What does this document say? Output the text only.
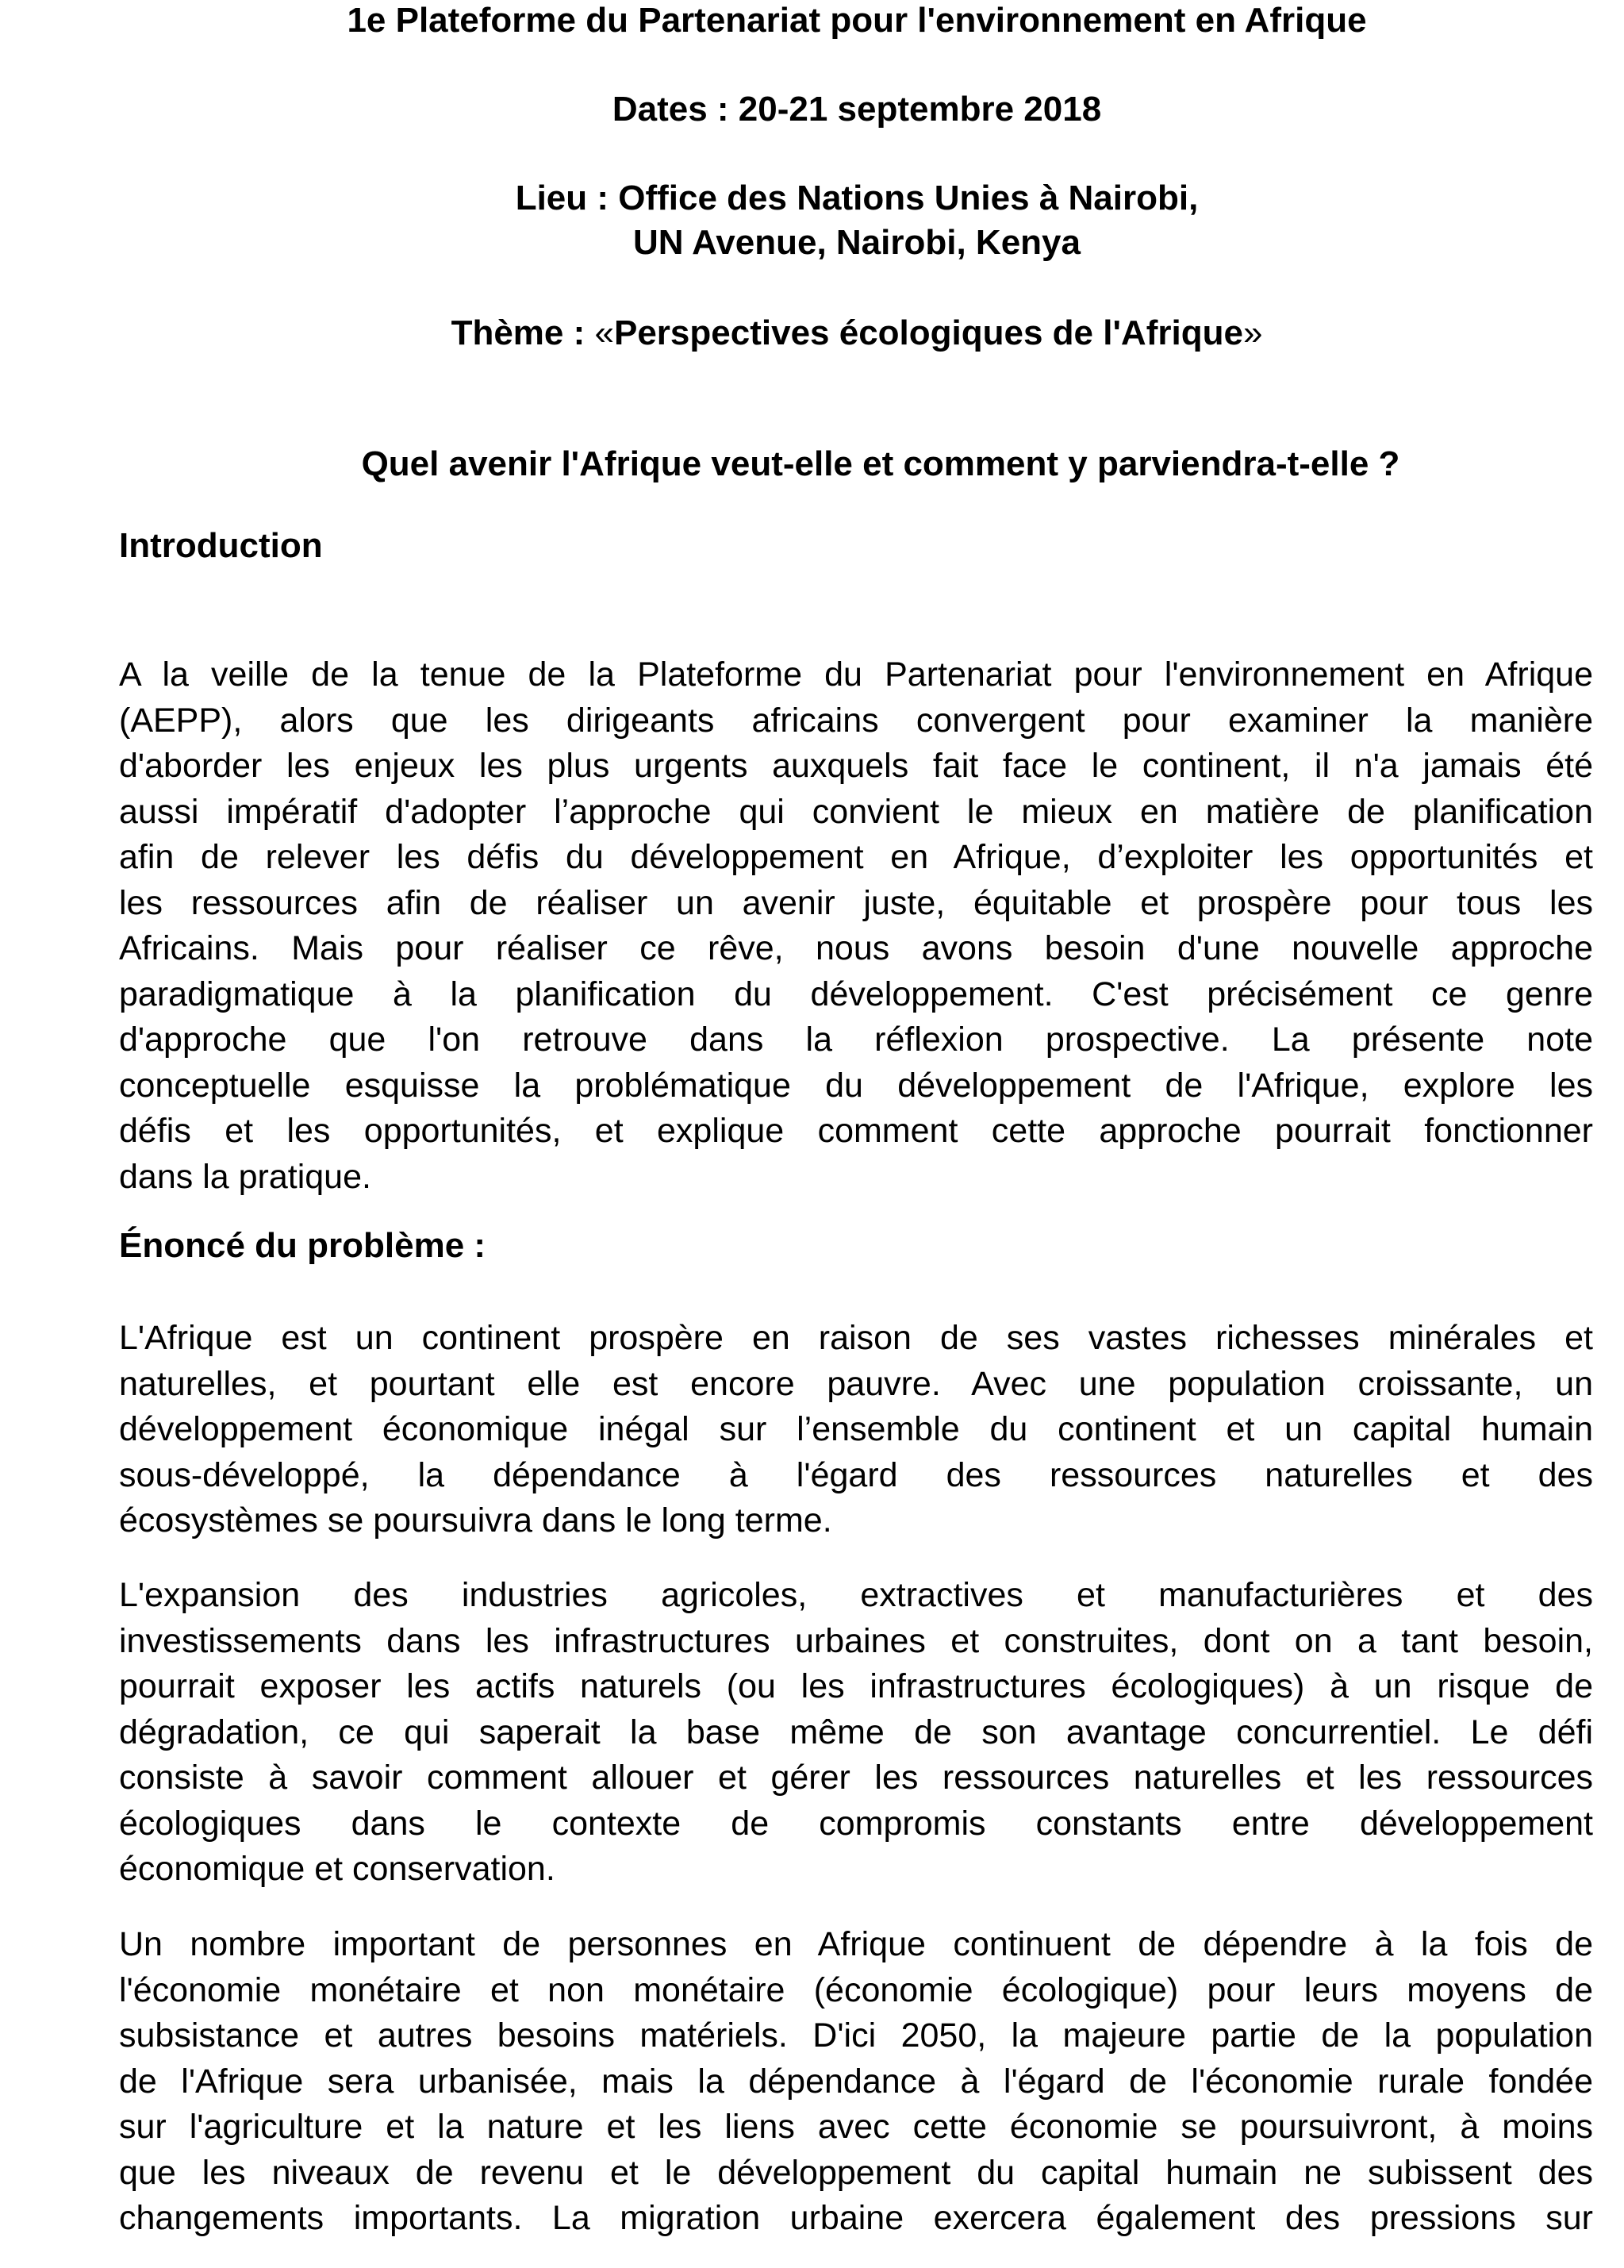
1e Plateforme du Partenariat pour l'environnement en Afrique
Dates : 20-21 septembre 2018
Lieu : Office des Nations Unies à Nairobi,
UN Avenue, Nairobi, Kenya
Thème : «Perspectives écologiques de l'Afrique»
Quel avenir l'Afrique veut-elle et comment y parviendra-t-elle ?
Introduction
A la veille de la tenue de la Plateforme du Partenariat pour l'environnement en Afrique
(AEPP), alors que les dirigeants africains convergent pour examiner la manière
d'aborder les enjeux les plus urgents auxquels fait face le continent, il n'a jamais été
aussi impératif d'adopter l’approche qui convient le mieux en matière de planification
afin de relever les défis du développement en Afrique, d’exploiter les opportunités et
les ressources afin de réaliser un avenir juste, équitable et prospère pour tous les
Africains. Mais pour réaliser ce rêve, nous avons besoin d'une nouvelle approche
paradigmatique à la planification du développement. C'est précisément ce genre
d'approche que l'on retrouve dans la réflexion prospective. La présente note
conceptuelle esquisse la problématique du développement de l'Afrique, explore les
défis et les opportunités, et explique comment cette approche pourrait fonctionner
dans la pratique.
Énoncé du problème :
L'Afrique est un continent prospère en raison de ses vastes richesses minérales et
naturelles, et pourtant elle est encore pauvre. Avec une population croissante, un
développement économique inégal sur l’ensemble du continent et un capital humain
sous-développé, la dépendance à l'égard des ressources naturelles et des
écosystèmes se poursuivra dans le long terme.
L'expansion des industries agricoles, extractives et manufacturières et des
investissements dans les infrastructures urbaines et construites, dont on a tant besoin,
pourrait exposer les actifs naturels (ou les infrastructures écologiques) à un risque de
dégradation, ce qui saperait la base même de son avantage concurrentiel. Le défi
consiste à savoir comment allouer et gérer les ressources naturelles et les ressources
écologiques dans le contexte de compromis constants entre développement
économique et conservation.
Un nombre important de personnes en Afrique continuent de dépendre à la fois de
l'économie monétaire et non monétaire (économie écologique) pour leurs moyens de
subsistance et autres besoins matériels. D'ici 2050, la majeure partie de la population
de l'Afrique sera urbanisée, mais la dépendance à l'égard de l'économie rurale fondée
sur l'agriculture et la nature et les liens avec cette économie se poursuivront, à moins
que les niveaux de revenu et le développement du capital humain ne subissent des
changements importants. La migration urbaine exercera également des pressions sur
